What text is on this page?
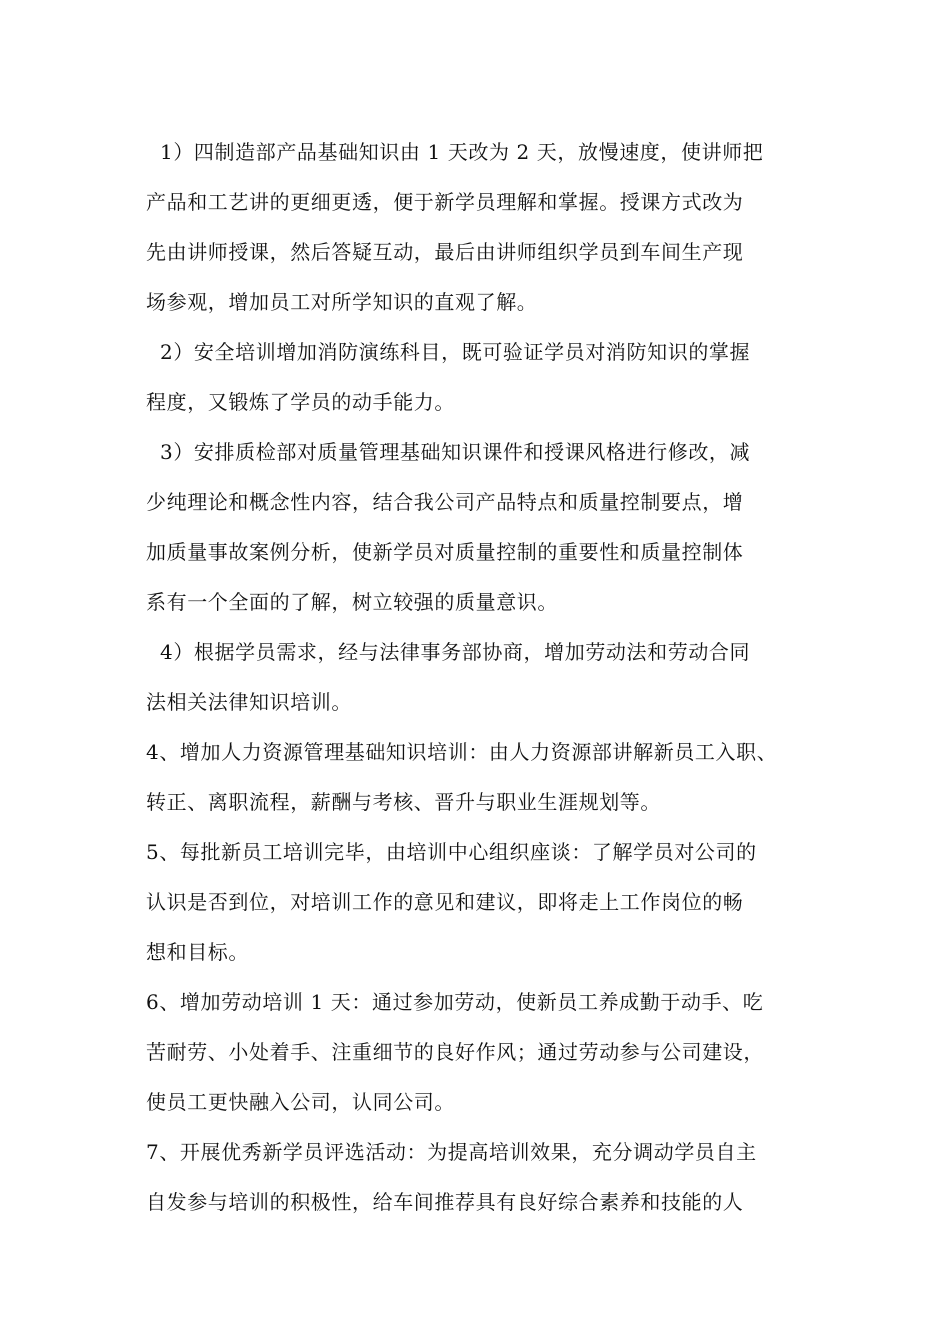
1）四制造部产品基础知识由 1 天改为 2 天，放慢速度，使讲师把
产品和工艺讲的更细更透，便于新学员理解和掌握。授课方式改为
先由讲师授课，然后答疑互动，最后由讲师组织学员到车间生产现
场参观，增加员工对所学知识的直观了解。
2）安全培训增加消防演练科目，既可验证学员对消防知识的掌握
程度，又锻炼了学员的动手能力。
3）安排质检部对质量管理基础知识课件和授课风格进行修改，减
少纯理论和概念性内容，结合我公司产品特点和质量控制要点，增
加质量事故案例分析，使新学员对质量控制的重要性和质量控制体
系有一个全面的了解，树立较强的质量意识。
4）根据学员需求，经与法律事务部协商，增加劳动法和劳动合同
法相关法律知识培训。
4、增加人力资源管理基础知识培训：由人力资源部讲解新员工入职、
转正、离职流程，薪酬与考核、晋升与职业生涯规划等。
5、每批新员工培训完毕，由培训中心组织座谈：了解学员对公司的
认识是否到位，对培训工作的意见和建议，即将走上工作岗位的畅
想和目标。
6、增加劳动培训 1 天：通过参加劳动，使新员工养成勤于动手、吃
苦耐劳、小处着手、注重细节的良好作风；通过劳动参与公司建设，
使员工更快融入公司，认同公司。
7、开展优秀新学员评选活动：为提高培训效果，充分调动学员自主
自发参与培训的积极性，给车间推荐具有良好综合素养和技能的人
